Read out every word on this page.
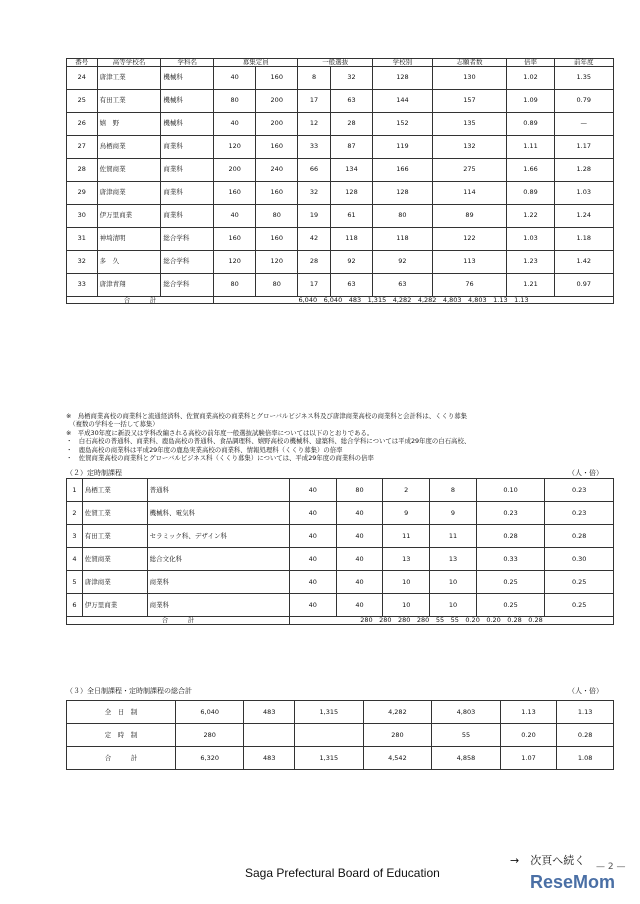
番号	高等学校名	学科名	募集定員		一般選抜		学校別	志願者数	倍率	前年度
24	唐津工業	機械科	40	160	8	32	128	130	1.02	1.35
25	有田工業	機械科	80	200	17	63	144	157	1.09	0.79
26	嬉　野	機械科	40	200	12	28	152	135	0.89	—
27	鳥栖商業	商業科	120	160	33	87	119	132	1.11	1.17
28	佐賀商業	商業科	200	240	66	134	166	275	1.66	1.28
29	唐津商業	商業科	160	160	32	128	128	114	0.89	1.03
30	伊万里商業	商業科	40	80	19	61	80	89	1.22	1.24
31	神埼清明	総合学科	160	160	42	118	118	122	1.03	1.18
32	多　久	総合学科	120	120	28	92	92	113	1.23	1.42
33	唐津青翔	総合学科	80	80	17	63	63	76	1.21	0.97
合　　　計			6,040　6,040　483　1,315　4,282　4,282　4,803　4,803　1.13　1.13							
※　鳥栖商業高校の商業科と流通経済科、佐賀商業高校の商業科とグローバルビジネス科及び唐津商業高校の商業科と会計科は、くくり募集
　（複数の学科を一括して募集）
※　平成30年度に新設又は学科改編される高校の前年度一般選抜試験倍率については以下のとおりである。
・　白石高校の普通科、商業科、鹿島高校の普通科、食品調理科、嬉野高校の機械科、建築科、総合学科については平成29年度の白石高校、
・　鹿島高校の商業科は平成29年度の鹿島実業高校の商業科、情報処理科（くくり募集）の倍率
・　佐賀商業高校の商業科とグローバルビジネス科（くくり募集）については、平成29年度の商業科の倍率
（２）定時制課程	（人・倍）
1	鳥栖工業	普通科	40	80	2	8	0.10	0.23
2	佐賀工業	機械科、電気科	40	40	9	9	0.23	0.23
3	有田工業	セラミック科、デザイン科	40	40	11	11	0.28	0.28
4	佐賀商業	総合文化科	40	40	13	13	0.33	0.30
5	唐津商業	商業科	40	40	10	10	0.25	0.25
6	伊万里商業	商業科	40	40	10	10	0.25	0.25
合　　　計			280　280　280　280　55　55　0.20　0.20　0.28　0.28					
（３）全日制課程・定時制課程の総合計	（人・倍）
全　日　制	6,040	483	1,315	4,282	4,803	1.13	1.13
定　時　制	280			280	55	0.20	0.28
合　　　計	6,320	483	1,315	4,542	4,858	1.07	1.08
→　次頁へ続く
Saga Prefectural Board of Education	— 2 —
ReseMom
